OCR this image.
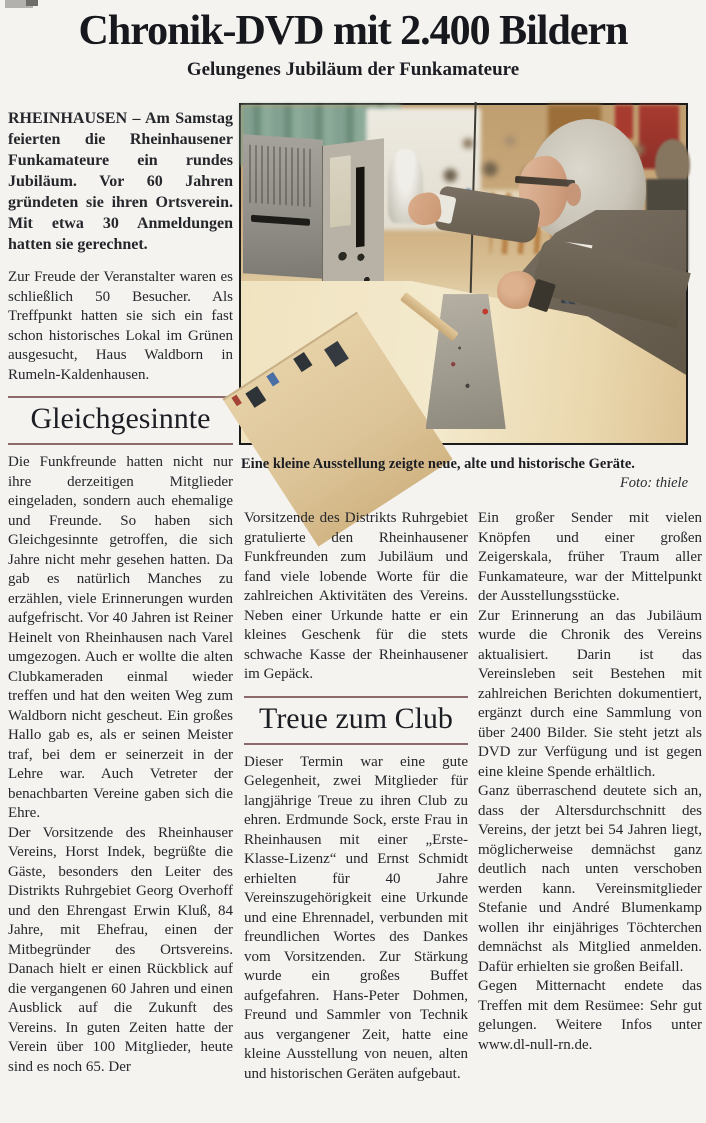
Chronik-DVD mit 2.400 Bildern
Gelungenes Jubiläum der Funkamateure

RHEINHAUSEN – Am Samstag feierten die Rheinhausener Funkamateure ein rundes Jubiläum. Vor 60 Jahren gründeten sie ihren Ortsverein. Mit etwa 30 Anmeldungen hatten sie gerechnet.

Zur Freude der Veranstalter waren es schließlich 50 Besucher. Als Treffpunkt hatten sie sich ein fast schon historisches Lokal im Grünen ausgesucht, Haus Waldborn in Rumeln-Kaldenhausen.

Gleichgesinnte

Die Funkfreunde hatten nicht nur ihre derzeitigen Mitglieder eingeladen, sondern auch ehemalige und Freunde. So haben sich Gleichgesinnte getroffen, die sich Jahre nicht mehr gesehen hatten. Da gab es natürlich Manches zu erzählen, viele Erinnerungen wurden aufgefrischt. Vor 40 Jahren ist Reiner Heinelt von Rheinhausen nach Varel umgezogen. Auch er wollte die alten Clubkameraden einmal wieder treffen und hat den weiten Weg zum Waldborn nicht gescheut. Ein großes Hallo gab es, als er seinen Meister traf, bei dem er seinerzeit in der Lehre war. Auch Vetreter der benachbarten Vereine gaben sich die Ehre.

Der Vorsitzende des Rheinhauser Vereins, Horst Indek, begrüßte die Gäste, besonders den Leiter des Distrikts Ruhrgebiet Georg Overhoff und den Ehrengast Erwin Kluß, 84 Jahre, mit Ehefrau, einen der Mitbegründer des Ortsvereins. Danach hielt er einen Rückblick auf die vergangenen 60 Jahren und einen Ausblick auf die Zukunft des Vereins. In guten Zeiten hatte der Verein über 100 Mitglieder, heute sind es noch 65. Der

Eine kleine Ausstellung zeigte neue, alte und historische Geräte.

Foto: thiele

Vorsitzende des Distrikts Ruhrgebiet gratulierte den Rheinhausener Funkfreunden zum Jubiläum und fand viele lobende Worte für die zahlreichen Aktivitäten des Vereins. Neben einer Urkunde hatte er ein kleines Geschenk für die stets schwache Kasse der Rheinhausener im Gepäck.

Treue zum Club

Dieser Termin war eine gute Gelegenheit, zwei Mitglieder für langjährige Treue zu ihren Club zu ehren. Erdmunde Sock, erste Frau in Rheinhausen mit einer „Erste-Klasse-Lizenz“ und Ernst Schmidt erhielten für 40 Jahre Vereinszugehörigkeit eine Urkunde und eine Ehrennadel, verbunden mit freundlichen Wortes des Dankes vom Vorsitzenden. Zur Stärkung wurde ein großes Buffet aufgefahren. Hans-Peter Dohmen, Freund und Sammler von Technik aus vergangener Zeit, hatte eine kleine Ausstellung von neuen, alten und historischen Geräten aufgebaut.

Ein großer Sender mit vielen Knöpfen und einer großen Zeigerskala, früher Traum aller Funkamateure, war der Mittelpunkt der Ausstellungsstücke.

Zur Erinnerung an das Jubiläum wurde die Chronik des Vereins aktualisiert. Darin ist das Vereinsleben seit Bestehen mit zahlreichen Berichten dokumentiert, ergänzt durch eine Sammlung von über 2400 Bilder. Sie steht jetzt als DVD zur Verfügung und ist gegen eine kleine Spende erhältlich.

Ganz überraschend deutete sich an, dass der Altersdurchschnitt des Vereins, der jetzt bei 54 Jahren liegt, möglicherweise demnächst ganz deutlich nach unten verschoben werden kann. Vereinsmitglieder Stefanie und André Blumenkamp wollen ihr einjähriges Töchterchen demnächst als Mitglied anmelden. Dafür erhielten sie großen Beifall.

Gegen Mitternacht endete das Treffen mit dem Resümee: Sehr gut gelungen. Weitere Infos unter www.dl-null-rn.de.
